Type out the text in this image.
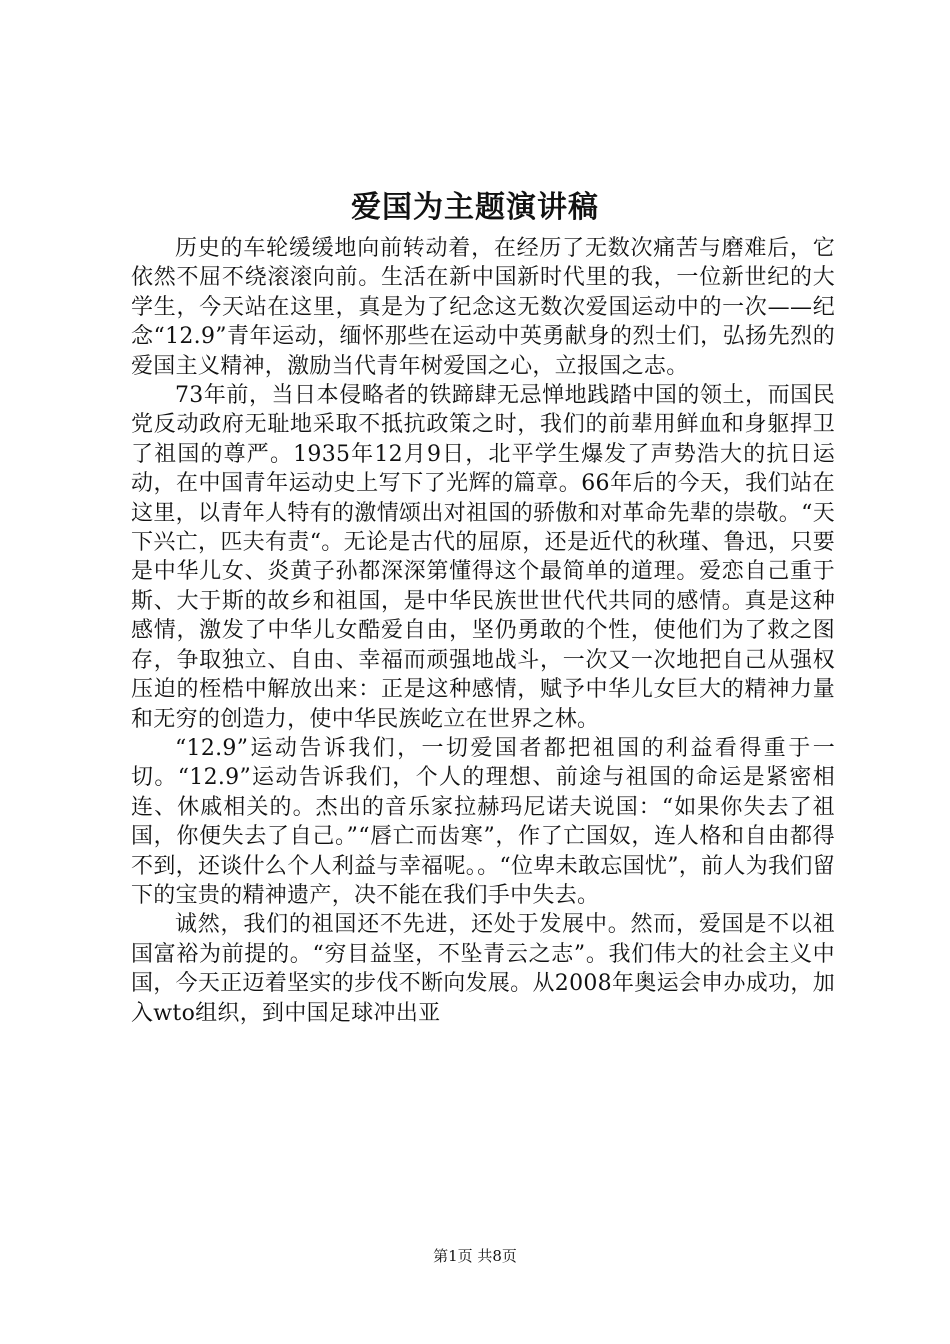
爱国为主题演讲稿

历史的车轮缓缓地向前转动着，在经历了无数次痛苦与磨难后，它依然不屈不绕滚滚向前。生活在新中国新时代里的我，一位新世纪的大学生，今天站在这里，真是为了纪念这无数次爱国运动中的一次——纪念“12.9”青年运动，缅怀那些在运动中英勇献身的烈士们，弘扬先烈的爱国主义精神，激励当代青年树爱国之心，立报国之志。

73年前，当日本侵略者的铁蹄肆无忌惮地践踏中国的领土，而国民党反动政府无耻地采取不抵抗政策之时，我们的前辈用鲜血和身躯捍卫了祖国的尊严。1935年12月9日，北平学生爆发了声势浩大的抗日运动，在中国青年运动史上写下了光辉的篇章。66年后的今天，我们站在这里，以青年人特有的激情颂出对祖国的骄傲和对革命先辈的崇敬。“天下兴亡，匹夫有责“。无论是古代的屈原，还是近代的秋瑾、鲁迅，只要是中华儿女、炎黄子孙都深深第懂得这个最简单的道理。爱恋自己重于斯、大于斯的故乡和祖国，是中华民族世世代代共同的感情。真是这种感情，激发了中华儿女酷爱自由，坚仍勇敢的个性，使他们为了救之图存，争取独立、自由、幸福而顽强地战斗，一次又一次地把自己从强权压迫的桎梏中解放出来：正是这种感情，赋予中华儿女巨大的精神力量和无穷的创造力，使中华民族屹立在世界之林。

“12.9”运动告诉我们，一切爱国者都把祖国的利益看得重于一切。“12.9”运动告诉我们，个人的理想、前途与祖国的命运是紧密相连、休戚相关的。杰出的音乐家拉赫玛尼诺夫说国：“如果你失去了祖国，你便失去了自己。”“唇亡而齿寒”，作了亡国奴，连人格和自由都得不到，还谈什么个人利益与幸福呢。。“位卑未敢忘国忧”，前人为我们留下的宝贵的精神遗产，决不能在我们手中失去。

诚然，我们的祖国还不先进，还处于发展中。然而，爱国是不以祖国富裕为前提的。“穷目益坚，不坠青云之志”。我们伟大的社会主义中国，今天正迈着坚实的步伐不断向发展。从2008年奥运会申办成功，加入wto组织，到中国足球冲出亚

第1页 共8页
